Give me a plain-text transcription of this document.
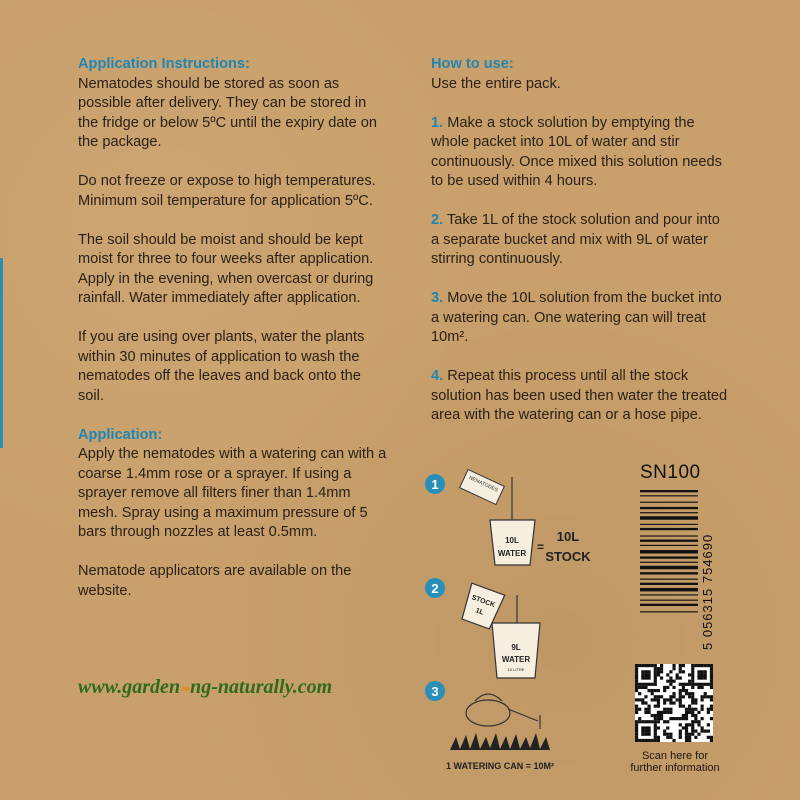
Application Instructions:

Nematodes should be stored as soon as possible after delivery. They can be stored in the fridge or below 5ºC until the expiry date on the package.

Do not freeze or expose to high temperatures. Minimum soil temperature for application 5ºC.

The soil should be moist and should be kept moist for three to four weeks after application. Apply in the evening, when overcast or during rainfall. Water immediately after application.

If you are using over plants, water the plants within 30 minutes of application to wash the nematodes off the leaves and back onto the soil.

Application:

Apply the nematodes with a watering can with a coarse 1.4mm rose or a sprayer. If using a sprayer remove all filters finer than 1.4mm mesh. Spray using a maximum pressure of 5 bars through nozzles at least 0.5mm.

Nematode applicators are available on the website.

www.garden❧ng-naturally.com
How to use:

Use the entire pack.

1. Make a stock solution by emptying the whole packet into 10L of water and stir continuously. Once mixed this solution needs to be used within 4 hours.

2. Take 1L of the stock solution and pour into a separate bucket and mix with 9L of water stirring continuously.

3. Move the 10L solution from the bucket into a watering can. One watering can will treat 10m².

4. Repeat this process until all the stock solution has been used then water the treated area with the watering can or a hose pipe.

1	NEMATODES
10L
WATER =
10L
STOCK
2
STOCK
1L
9L
WATER
10 LITRE
3
1 WATERING CAN = 10M²
SN100
5 056315 754690
Scan here for
further information
